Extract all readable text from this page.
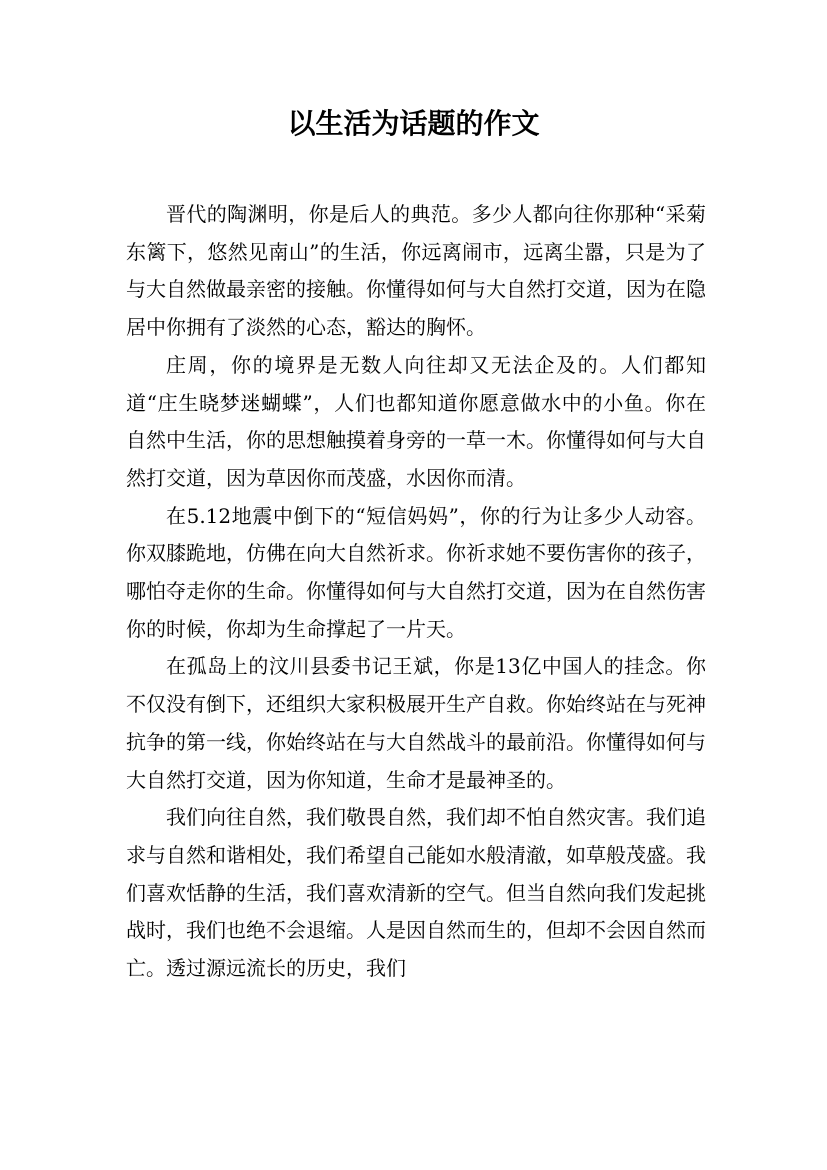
以生活为话题的作文

晋代的陶渊明，你是后人的典范。多少人都向往你那种“采菊东篱下，悠然见南山”的生活，你远离闹市，远离尘嚣，只是为了与大自然做最亲密的接触。你懂得如何与大自然打交道，因为在隐居中你拥有了淡然的心态，豁达的胸怀。

庄周，你的境界是无数人向往却又无法企及的。人们都知道“庄生晓梦迷蝴蝶”，人们也都知道你愿意做水中的小鱼。你在自然中生活，你的思想触摸着身旁的一草一木。你懂得如何与大自然打交道，因为草因你而茂盛，水因你而清。

在5.12地震中倒下的“短信妈妈”，你的行为让多少人动容。你双膝跪地，仿佛在向大自然祈求。你祈求她不要伤害你的孩子，哪怕夺走你的生命。你懂得如何与大自然打交道，因为在自然伤害你的时候，你却为生命撑起了一片天。

在孤岛上的汶川县委书记王斌，你是13亿中国人的挂念。你不仅没有倒下，还组织大家积极展开生产自救。你始终站在与死神抗争的第一线，你始终站在与大自然战斗的最前沿。你懂得如何与大自然打交道，因为你知道，生命才是最神圣的。

我们向往自然，我们敬畏自然，我们却不怕自然灾害。我们追求与自然和谐相处，我们希望自己能如水般清澈，如草般茂盛。我们喜欢恬静的生活，我们喜欢清新的空气。但当自然向我们发起挑战时，我们也绝不会退缩。人是因自然而生的，但却不会因自然而亡。透过源远流长的历史，我们
